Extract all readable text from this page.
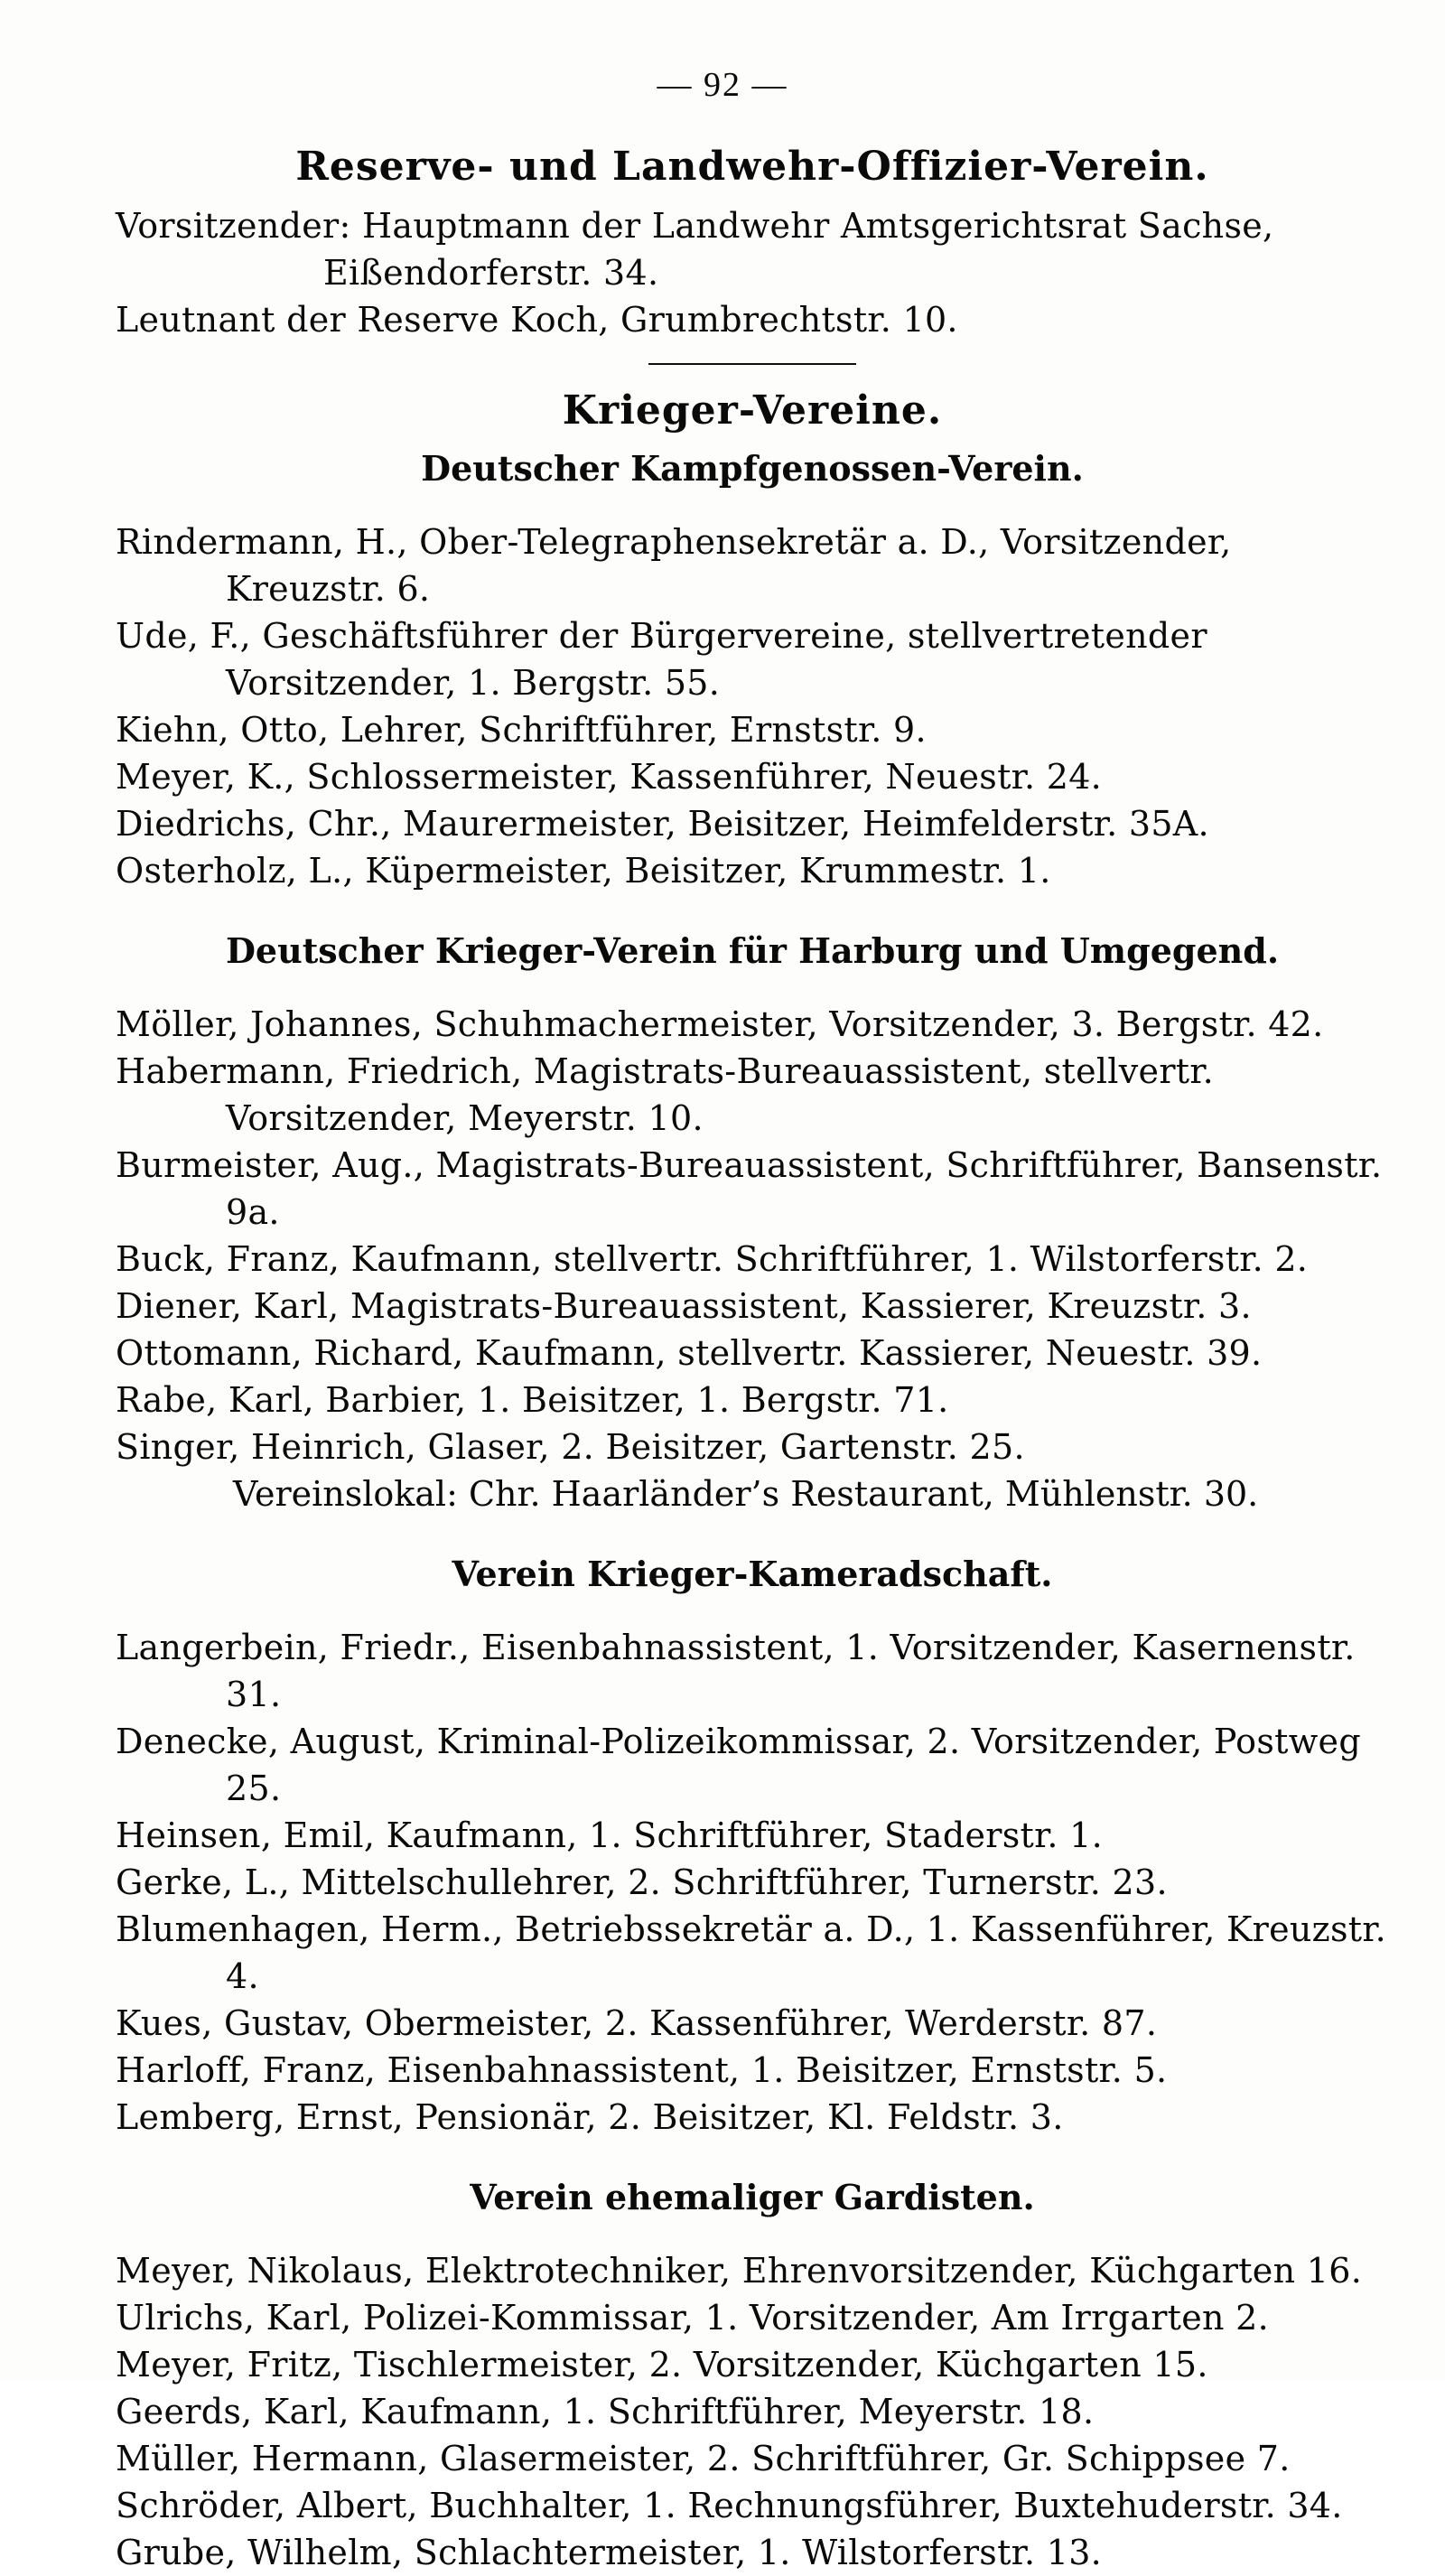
— 92 —
Reserve- und Landwehr-Offizier-Verein.

Vorsitzender: Hauptmann der Landwehr Amtsgerichtsrat Sachse, Eißendorferstr. 34.

Leutnant der Reserve Koch, Grumbrechtstr. 10.

Krieger-Vereine.
Deutscher Kampfgenossen-Verein.

Rindermann, H., Ober-Telegraphensekretär a. D., Vorsitzender, Kreuzstr. 6.

Ude, F., Geschäftsführer der Bürgervereine, stellvertretender Vorsitzender, 1. Bergstr. 55.

Kiehn, Otto, Lehrer, Schriftführer, Ernststr. 9.

Meyer, K., Schlossermeister, Kassenführer, Neuestr. 24.

Diedrichs, Chr., Maurermeister, Beisitzer, Heimfelderstr. 35A.

Osterholz, L., Küpermeister, Beisitzer, Krummestr. 1.

Deutscher Krieger-Verein für Harburg und Umgegend.

Möller, Johannes, Schuhmachermeister, Vorsitzender, 3. Bergstr. 42.

Habermann, Friedrich, Magistrats-Bureauassistent, stellvertr. Vorsitzender, Meyerstr. 10.

Burmeister, Aug., Magistrats-Bureauassistent, Schriftführer, Bansenstr. 9a.

Buck, Franz, Kaufmann, stellvertr. Schriftführer, 1. Wilstorferstr. 2.

Diener, Karl, Magistrats-Bureauassistent, Kassierer, Kreuzstr. 3.

Ottomann, Richard, Kaufmann, stellvertr. Kassierer, Neuestr. 39.

Rabe, Karl, Barbier, 1. Beisitzer, 1. Bergstr. 71.

Singer, Heinrich, Glaser, 2. Beisitzer, Gartenstr. 25.

Vereinslokal: Chr. Haarländer’s Restaurant, Mühlenstr. 30.

Verein Krieger-Kameradschaft.

Langerbein, Friedr., Eisenbahnassistent, 1. Vorsitzender, Kasernenstr. 31.

Denecke, August, Kriminal-Polizeikommissar, 2. Vorsitzender, Postweg 25.

Heinsen, Emil, Kaufmann, 1. Schriftführer, Staderstr. 1.

Gerke, L., Mittelschullehrer, 2. Schriftführer, Turnerstr. 23.

Blumenhagen, Herm., Betriebssekretär a. D., 1. Kassenführer, Kreuzstr. 4.

Kues, Gustav, Obermeister, 2. Kassenführer, Werderstr. 87.

Harloff, Franz, Eisenbahnassistent, 1. Beisitzer, Ernststr. 5.

Lemberg, Ernst, Pensionär, 2. Beisitzer, Kl. Feldstr. 3.

Verein ehemaliger Gardisten.

Meyer, Nikolaus, Elektrotechniker, Ehrenvorsitzender, Küchgarten 16.

Ulrichs, Karl, Polizei-Kommissar, 1. Vorsitzender, Am Irrgarten 2.

Meyer, Fritz, Tischlermeister, 2. Vorsitzender, Küchgarten 15.

Geerds, Karl, Kaufmann, 1. Schriftführer, Meyerstr. 18.

Müller, Hermann, Glasermeister, 2. Schriftführer, Gr. Schippsee 7.

Schröder, Albert, Buchhalter, 1. Rechnungsführer, Buxtehuderstr. 34.

Grube, Wilhelm, Schlachtermeister, 1. Wilstorferstr. 13.
